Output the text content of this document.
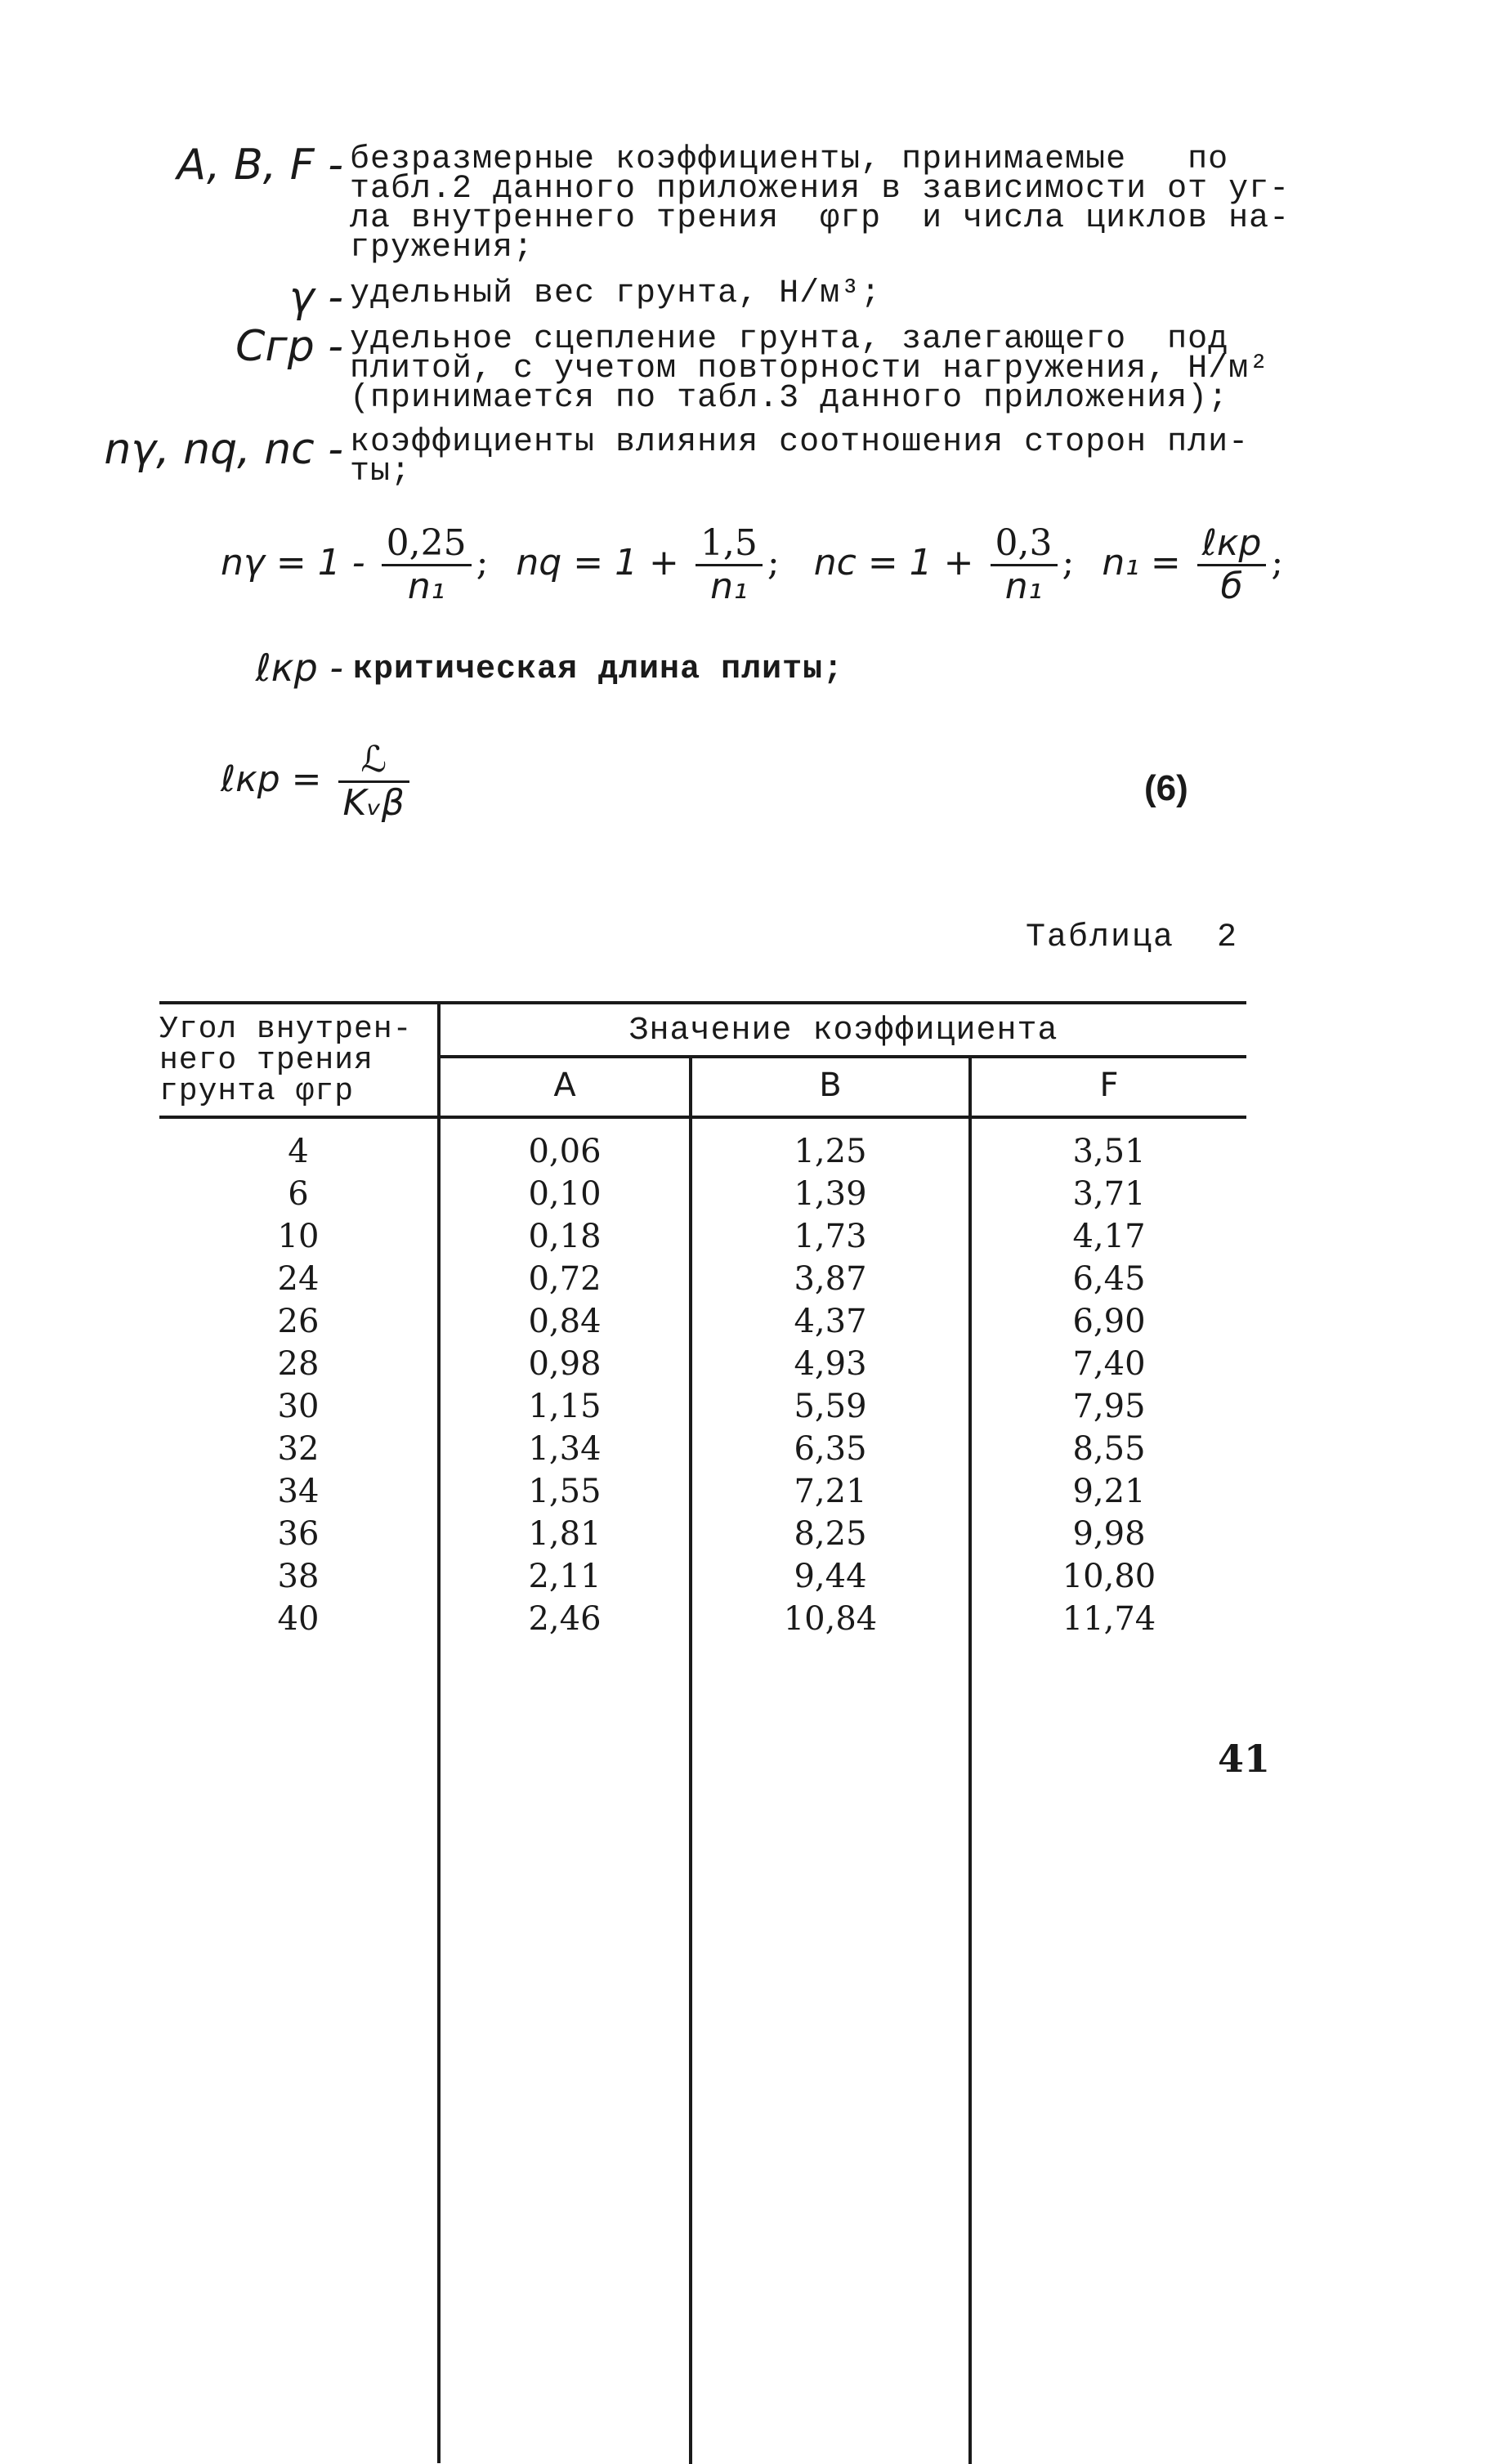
A, B, F - безразмерные коэффициенты, принимаемые   по
табл.2 данного приложения в зависимости от уг-
ла внутреннего трения  φгр  и числа циклов на-
гружения;
γ - удельный вес грунта, Н/м³;
Сгр - удельное сцепление грунта, залегающего  под
плитой, с учетом повторности нагружения, Н/м²
(принимается по табл.3 данного приложения);
nγ, nq, nc - коэффициенты влияния соотношения сторон пли-
ты;
$n\gamma = 1 - \frac{0,25}{\text{n₁}}$ ; nq = $1 + \frac{1,5}{\text{n₁}}$ ; nc = $1 + \frac{0,3}{\text{n₁}}$ ; $n_1 = \frac{\text{ℓкр}}{б}$ ;
ℓкр - критическая длина плиты;
ℓкр = $\frac{\text{ℒ}}{\text{Kᵥβ}}$	(6)
Таблица  2
Угол внутрен-
него трения
грунта φгр
Значение коэффициента
A	B	F
4	0,06	1,25	3,51
6	0,10	1,39	3,71
10	0,18	1,73	4,17
24	0,72	3,87	6,45
26	0,84	4,37	6,90
28	0,98	4,93	7,40
30	1,15	5,59	7,95
32	1,34	6,35	8,55
34	1,55	7,21	9,21
36	1,81	8,25	9,98
38	2,11	9,44	10,80
40	2,46	10,84	11,74
41
